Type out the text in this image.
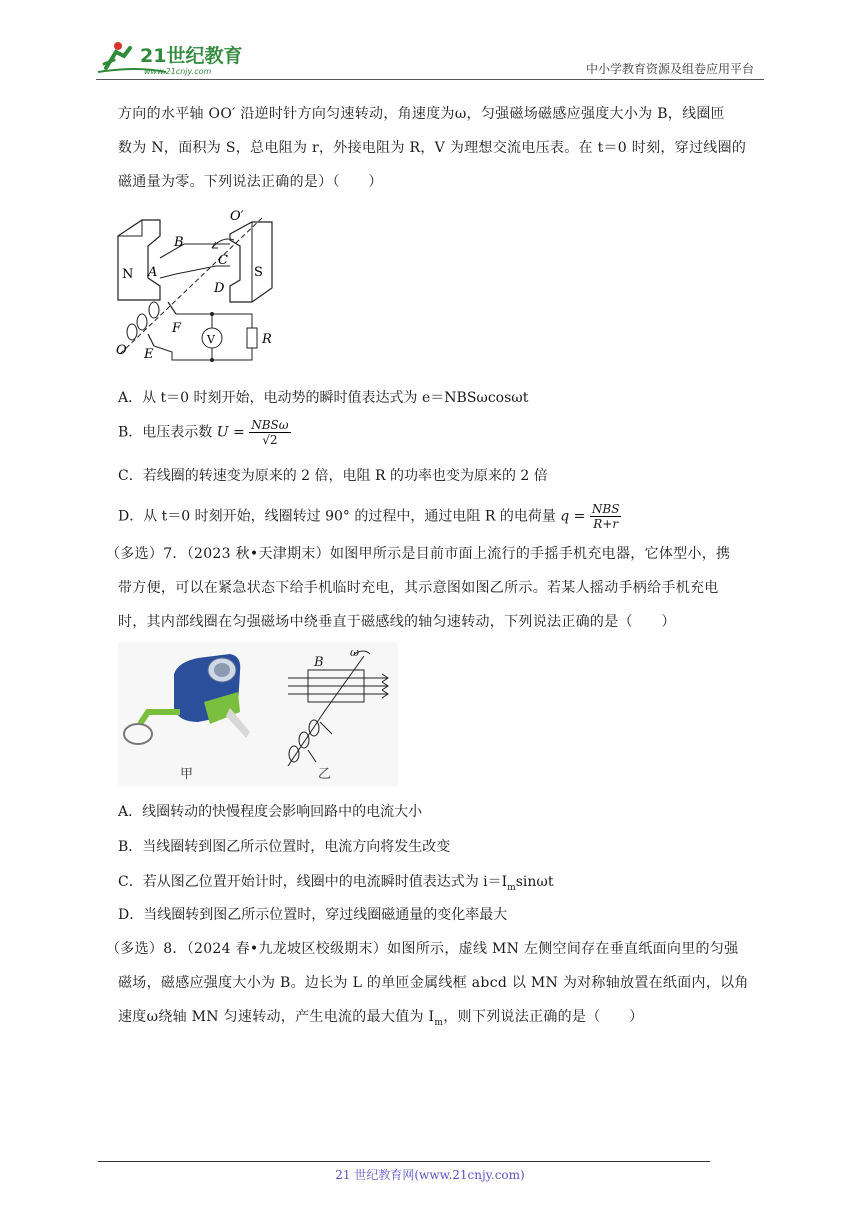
21世纪教育
www.21cnjy.com	中小学教育资源及组卷应用平台
方向的水平轴 OO′ 沿逆时针方向匀速转动，角速度为ω，匀强磁场磁感应强度大小为 B，线圈匝
数为 N，面积为 S，总电阻为 r，外接电阻为 R，V 为理想交流电压表。在 t＝0 时刻，穿过线圈的
磁通量为零。下列说法正确的是）（　　）
N	S
O′
B
A
C
D
F
E
O
V	R
A．从 t＝0 时刻开始，电动势的瞬时值表达式为 e＝NBSωcosωt
B．电压表示数 $U = \frac{\text{NBSω}}{√2}$
C．若线圈的转速变为原来的 2 倍，电阻 R 的功率也变为原来的 2 倍
D．从 t＝0 时刻开始，线圈转过 90° 的过程中，通过电阻 R 的电荷量 $q = \frac{\text{NBS}}{R+r}$
（多选）7．（2023 秋•天津期末）如图甲所示是目前市面上流行的手摇手机充电器，它体型小，携
带方便，可以在紧急状态下给手机临时充电，其示意图如图乙所示。若某人摇动手柄给手机充电
时，其内部线圈在匀强磁场中绕垂直于磁感线的轴匀速转动，下列说法正确的是（　　）
甲
B
ω
乙
A．线圈转动的快慢程度会影响回路中的电流大小
B．当线圈转到图乙所示位置时，电流方向将发生改变
C．若从图乙位置开始计时，线圈中的电流瞬时值表达式为 $i=I_m\sin\omega t$
D．当线圈转到图乙所示位置时，穿过线圈磁通量的变化率最大
（多选）8．（2024 春•九龙坡区校级期末）如图所示，虚线 MN 左侧空间存在垂直纸面向里的匀强
磁场，磁感应强度大小为 B。边长为 L 的单匝金属线框 abcd 以 MN 为对称轴放置在纸面内，以角
速度ω绕轴 MN 匀速转动，产生电流的最大值为 $I_m$，则下列说法正确的是（　　）
21 世纪教育网(www.21cnjy.com)
